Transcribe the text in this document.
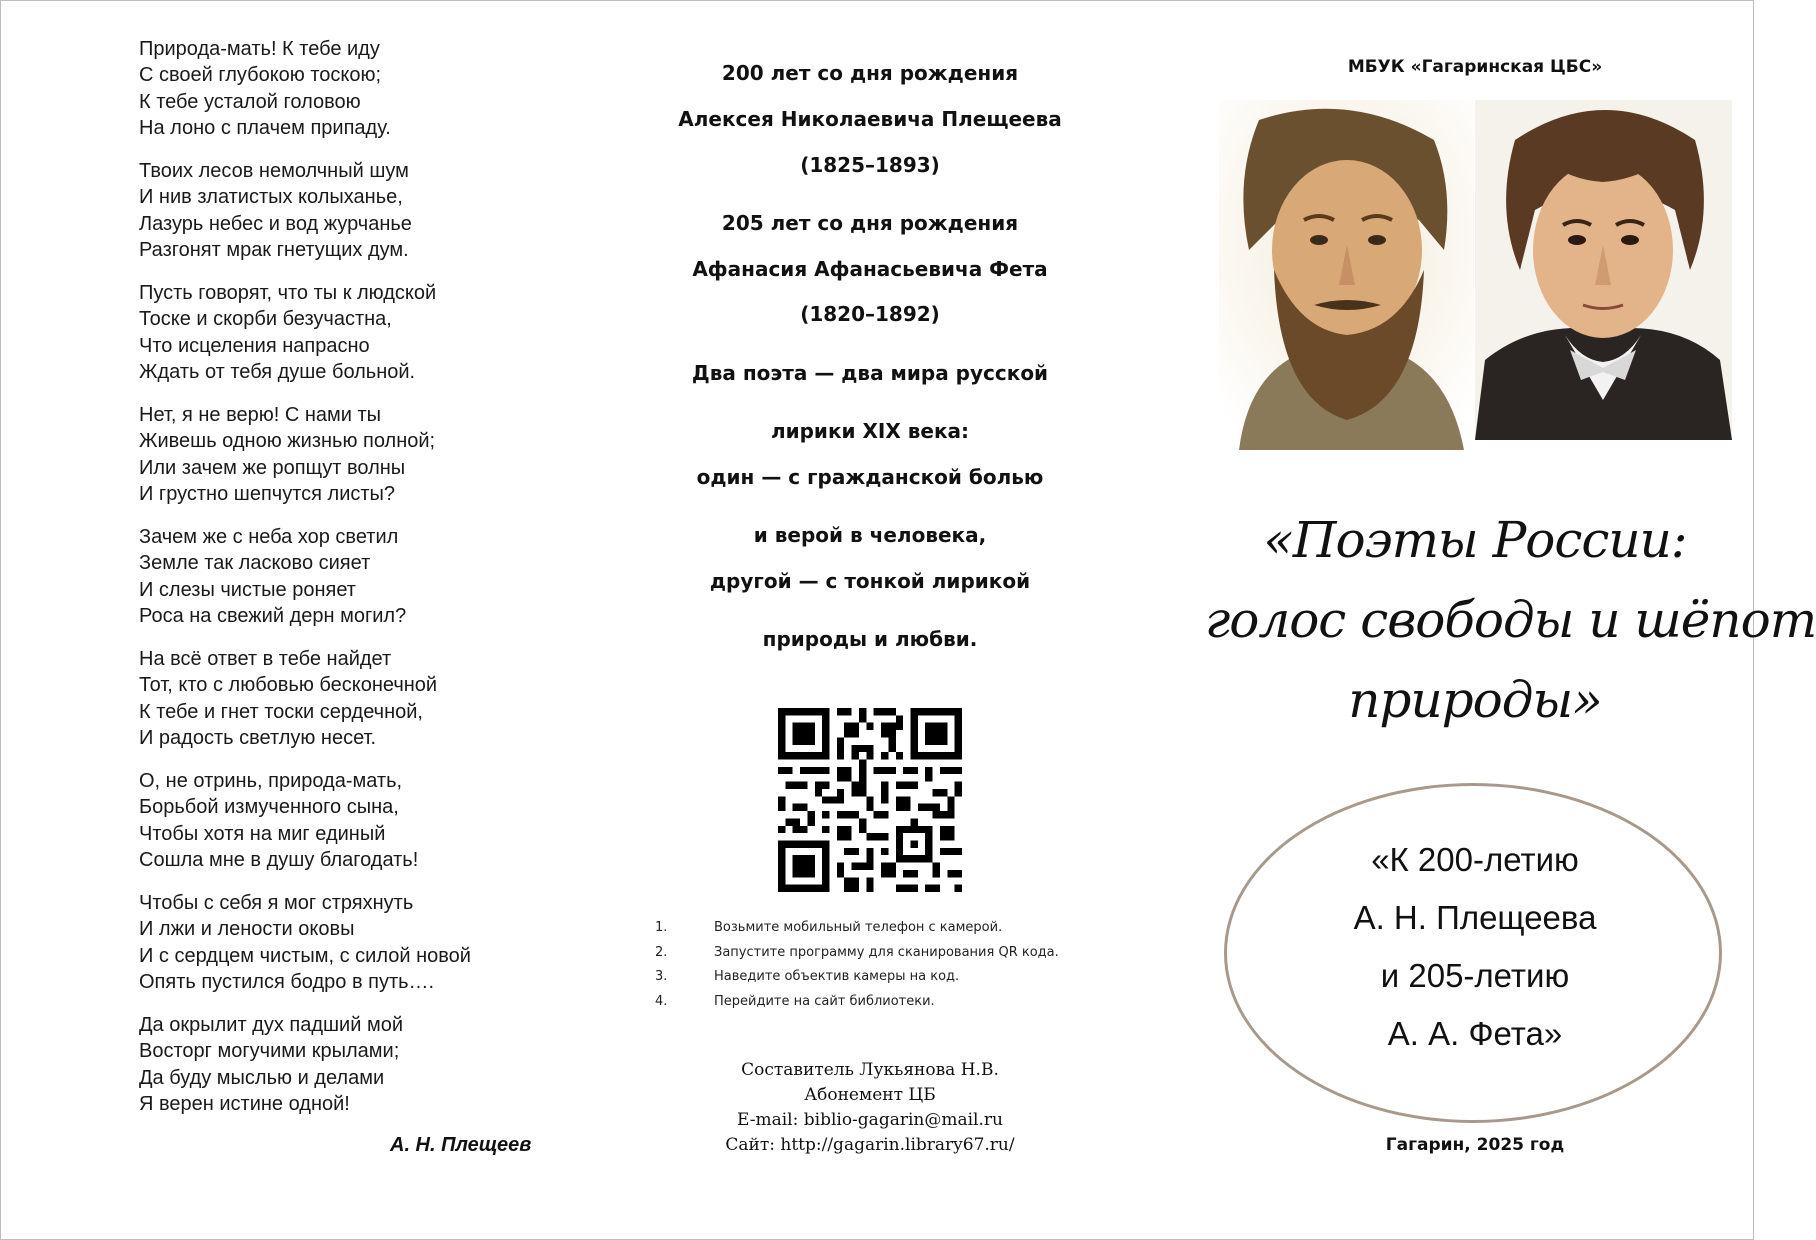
Природа-мать! К тебе иду
С своей глубокою тоскою;
К тебе усталой головою
На лоно с плачем припаду.
Твоих лесов немолчный шум
И нив златистых колыханье,
Лазурь небес и вод журчанье
Разгонят мрак гнетущих дум.
Пусть говорят, что ты к людской
Тоске и скорби безучастна,
Что исцеления напрасно
Ждать от тебя душе больной.
Нет, я не верю! С нами ты
Живешь одною жизнью полной;
Или зачем же ропщут волны
И грустно шепчутся листы?
Зачем же с неба хор светил
Земле так ласково сияет
И слезы чистые роняет
Роса на свежий дерн могил?
На всё ответ в тебе найдет
Тот, кто с любовью бесконечной
К тебе и гнет тоски сердечной,
И радость светлую несет.
О, не отринь, природа-мать,
Борьбой измученного сына,
Чтобы хотя на миг единый
Сошла мне в душу благодать!
Чтобы с себя я мог стряхнуть
И лжи и лености оковы
И с сердцем чистым, с силой новой
Опять пустился бодро в путь….
Да окрылит дух падший мой
Восторг могучими крылами;
Да буду мыслью и делами
Я верен истине одной!
А. Н. Плещеев
200 лет со дня рождения
Алексея Николаевича Плещеева
(1825–1893)
205 лет со дня рождения
Афанасия Афанасьевича Фета
(1820–1892)
Два поэта — два мира русской
лирики XIX века:
один — с гражданской болью
и верой в человека,
другой — с тонкой лирикой
природы и любви.
1.	Возьмите мобильный телефон с камерой.
2.	Запустите программу для сканирования QR кода.
3.	Наведите объектив камеры на код.
4.	Перейдите на сайт библиотеки.
Составитель Лукьянова Н.В.
Абонемент ЦБ
E-mail: biblio-gagarin@mail.ru
Сайт: http://gagarin.library67.ru/
МБУК «Гагаринская ЦБС»
«Поэты России:
голос свободы и шёпот
природы»
«К 200-летию
А. Н. Плещеева
и 205-летию
А. А. Фета»
Гагарин, 2025 год
